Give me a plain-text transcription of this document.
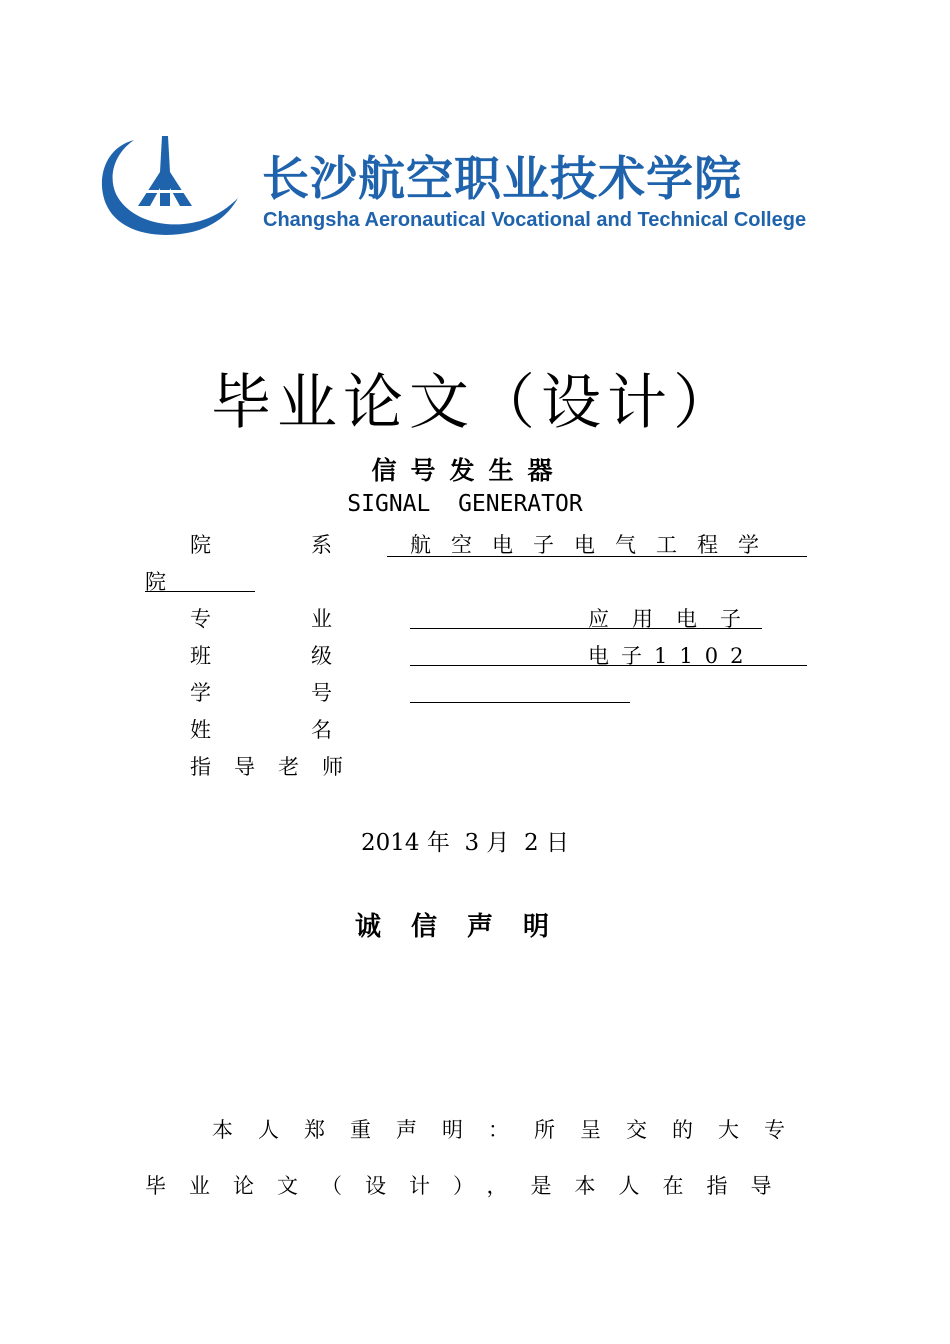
长沙航空职业技术学院
Changsha Aeronautical Vocational and Technical College
毕业论文（设计）
信号发生器
SIGNAL  GENERATOR
院系
航空电子电气工程学
院
专业	应用电子
班级	电子1102
学号
姓名
指导老师
2014 年  3 月  2 日
诚信声明
本人郑重声明：所呈交的大专
毕业论文（设计），是本人在指导
